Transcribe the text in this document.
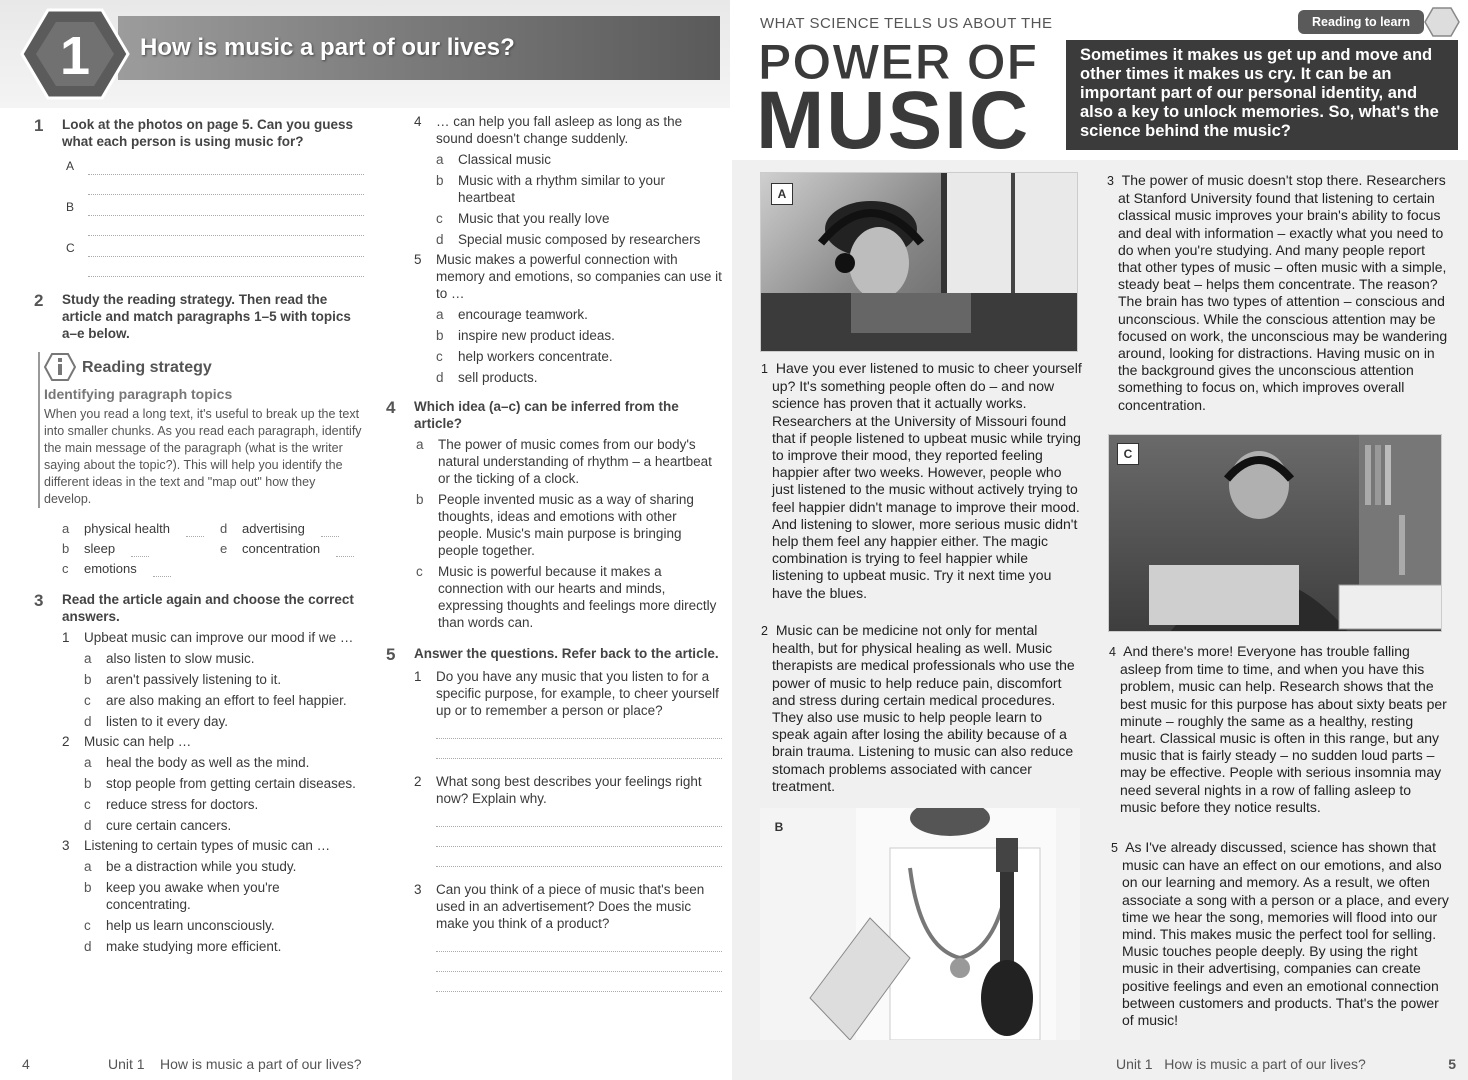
1 How is music a part of our lives?
1	Look at the photos on page 5. Can you guess what each person is using music for?
A
B
C
2	Study the reading strategy. Then read the article and match paragraphs 1–5 with topics a–e below.
Reading strategy
Identifying paragraph topics
When you read a long text, it's useful to break up the text into smaller chunks. As you read each paragraph, identify the main message of the paragraph (what is the writer saying about the topic?). This will help you identify the different ideas in the text and "map out" how they develop.
a physical health	d advertising
b sleep	e concentration
c emotions
3	Read the article again and choose the correct answers.
1 Upbeat music can improve our mood if we …
a also listen to slow music.
b aren't passively listening to it.
c are also making an effort to feel happier.
d listen to it every day.
2 Music can help …
a heal the body as well as the mind.
b stop people from getting certain diseases.
c reduce stress for doctors.
d cure certain cancers.
3 Listening to certain types of music can …
a be a distraction while you study.
b keep you awake when you're concentrating.
c help us learn unconsciously.
d make studying more efficient.
4 … can help you fall asleep as long as the sound doesn't change suddenly.
a Classical music
b Music with a rhythm similar to your heartbeat
c Music that you really love
d Special music composed by researchers
5 Music makes a powerful connection with memory and emotions, so companies can use it to …
a encourage teamwork.
b inspire new product ideas.
c help workers concentrate.
d sell products.
4	Which idea (a–c) can be inferred from the article?
a The power of music comes from our body's natural understanding of rhythm – a heartbeat or the ticking of a clock.
b People invented music as a way of sharing thoughts, ideas and emotions with other people. Music's main purpose is bringing people together.
c Music is powerful because it makes a connection with our hearts and minds, expressing thoughts and feelings more directly than words can.
5	Answer the questions. Refer back to the article.
1 Do you have any music that you listen to for a specific purpose, for example, to cheer yourself up or to remember a person or place?
2 What song best describes your feelings right now? Explain why.
3 Can you think of a piece of music that's been used in an advertisement? Does the music make you think of a product?
4	Unit 1 How is music a part of our lives?
WHAT SCIENCE TELLS US ABOUT THE
POWER OF
MUSIC
Sometimes it makes us get up and move and other times it makes us cry. It can be an important part of our personal identity, and also a key to unlock memories. So, what's the science behind the music?
Reading to learn
A
1 Have you ever listened to music to cheer yourself up? It's something people often do – and now science has proven that it actually works. Researchers at the University of Missouri found that if people listened to upbeat music while trying to improve their mood, they reported feeling happier after two weeks. However, people who just listened to the music without actively trying to feel happier didn't manage to improve their mood. And listening to slower, more serious music didn't help them feel any happier either. The magic combination is trying to feel happier while listening to upbeat music. Try it next time you have the blues.
2 Music can be medicine not only for mental health, but for physical healing as well. Music therapists are medical professionals who use the power of music to help reduce pain, discomfort and stress during certain medical procedures. They also use music to help people learn to speak again after losing the ability because of a brain trauma. Listening to music can also reduce stomach problems associated with cancer treatment.
B
3 The power of music doesn't stop there. Researchers at Stanford University found that listening to certain classical music improves your brain's ability to focus and deal with information – exactly what you need to do when you're studying. And many people report that other types of music – often music with a simple, steady beat – helps them concentrate. The reason? The brain has two types of attention – conscious and unconscious. While the conscious attention may be focused on work, the unconscious may be wandering around, looking for distractions. Having music on in the background gives the unconscious attention something to focus on, which improves overall concentration.
C
4 And there's more! Everyone has trouble falling asleep from time to time, and when you have this problem, music can help. Research shows that the best music for this purpose has about sixty beats per minute – roughly the same as a healthy, resting heart. Classical music is often in this range, but any music that is fairly steady – no sudden loud parts – may be effective. People with serious insomnia may need several nights in a row of falling asleep to music before they notice results.
5 As I've already discussed, science has shown that music can have an effect on our emotions, and also on our learning and memory. As a result, we often associate a song with a person or a place, and every time we hear the song, memories will flood into our mind. This makes music the perfect tool for selling. Music touches people deeply. By using the right music in their advertising, companies can create positive feelings and even an emotional connection between customers and products. That's the power of music!
Unit 1 How is music a part of our lives?	5
